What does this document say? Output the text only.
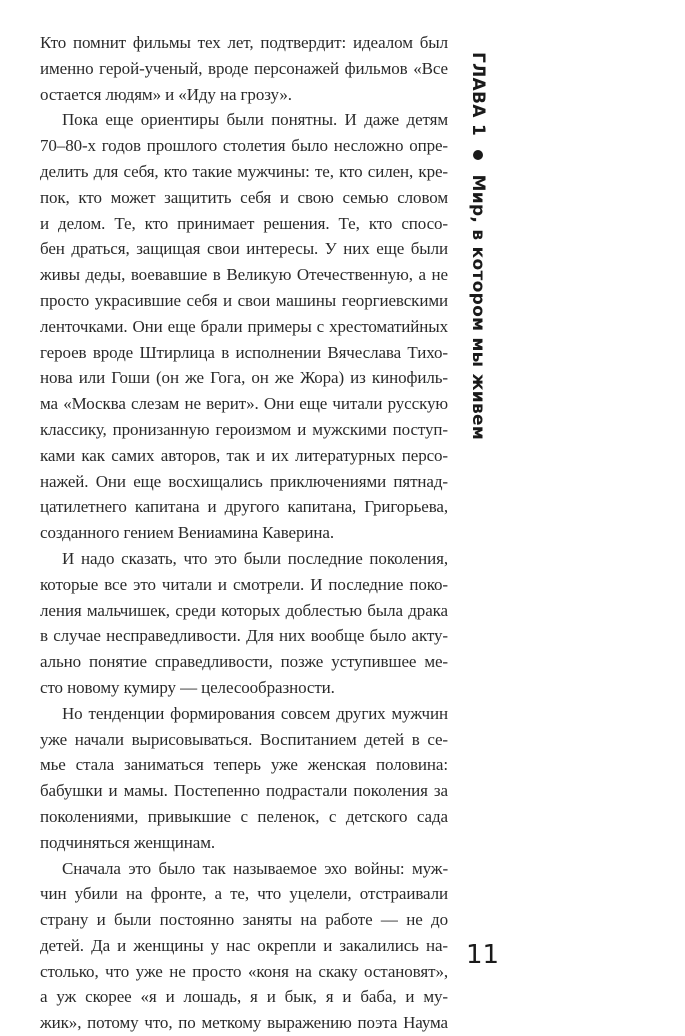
Кто помнит фильмы тех лет, подтвердит: идеалом был
именно герой-ученый, вроде персонажей фильмов «Все
остается людям» и «Иду на грозу».
Пока еще ориентиры были понятны. И даже детям
70–80-х годов прошлого столетия было несложно опре-
делить для себя, кто такие мужчины: те, кто силен, кре-
пок, кто может защитить себя и свою семью словом
и делом. Те, кто принимает решения. Те, кто спосо-
бен драться, защищая свои интересы. У них еще были
живы деды, воевавшие в Великую Отечественную, а не
просто украсившие себя и свои машины георгиевскими
ленточками. Они еще брали примеры с хрестоматийных
героев вроде Штирлица в исполнении Вячеслава Тихо-
нова или Гоши (он же Гога, он же Жора) из кинофиль-
ма «Москва слезам не верит». Они еще читали русскую
классику, пронизанную героизмом и мужскими поступ-
ками как самих авторов, так и их литературных персо-
нажей. Они еще восхищались приключениями пятнад-
цатилетнего капитана и другого капитана, Григорьева,
созданного гением Вениамина Каверина.
И надо сказать, что это были последние поколения,
которые все это читали и смотрели. И последние поко-
ления мальчишек, среди которых доблестью была драка
в случае несправедливости. Для них вообще было акту-
ально понятие справедливости, позже уступившее ме-
сто новому кумиру — целесообразности.
Но тенденции формирования совсем других мужчин
уже начали вырисовываться. Воспитанием детей в се-
мье стала заниматься теперь уже женская половина:
бабушки и мамы. Постепенно подрастали поколения за
поколениями, привыкшие с пеленок, с детского сада
подчиняться женщинам.
Сначала это было так называемое эхо войны: муж-
чин убили на фронте, а те, что уцелели, отстраивали
страну и были постоянно заняты на работе — не до
детей. Да и женщины у нас окрепли и закалились на-
столько, что уже не просто «коня на скаку остановят»,
а уж скорее «я и лошадь, я и бык, я и баба, и му-
жик», потому что, по меткому выражению поэта Наума
ГЛАВА 1  Мир, в котором мы живем
11
